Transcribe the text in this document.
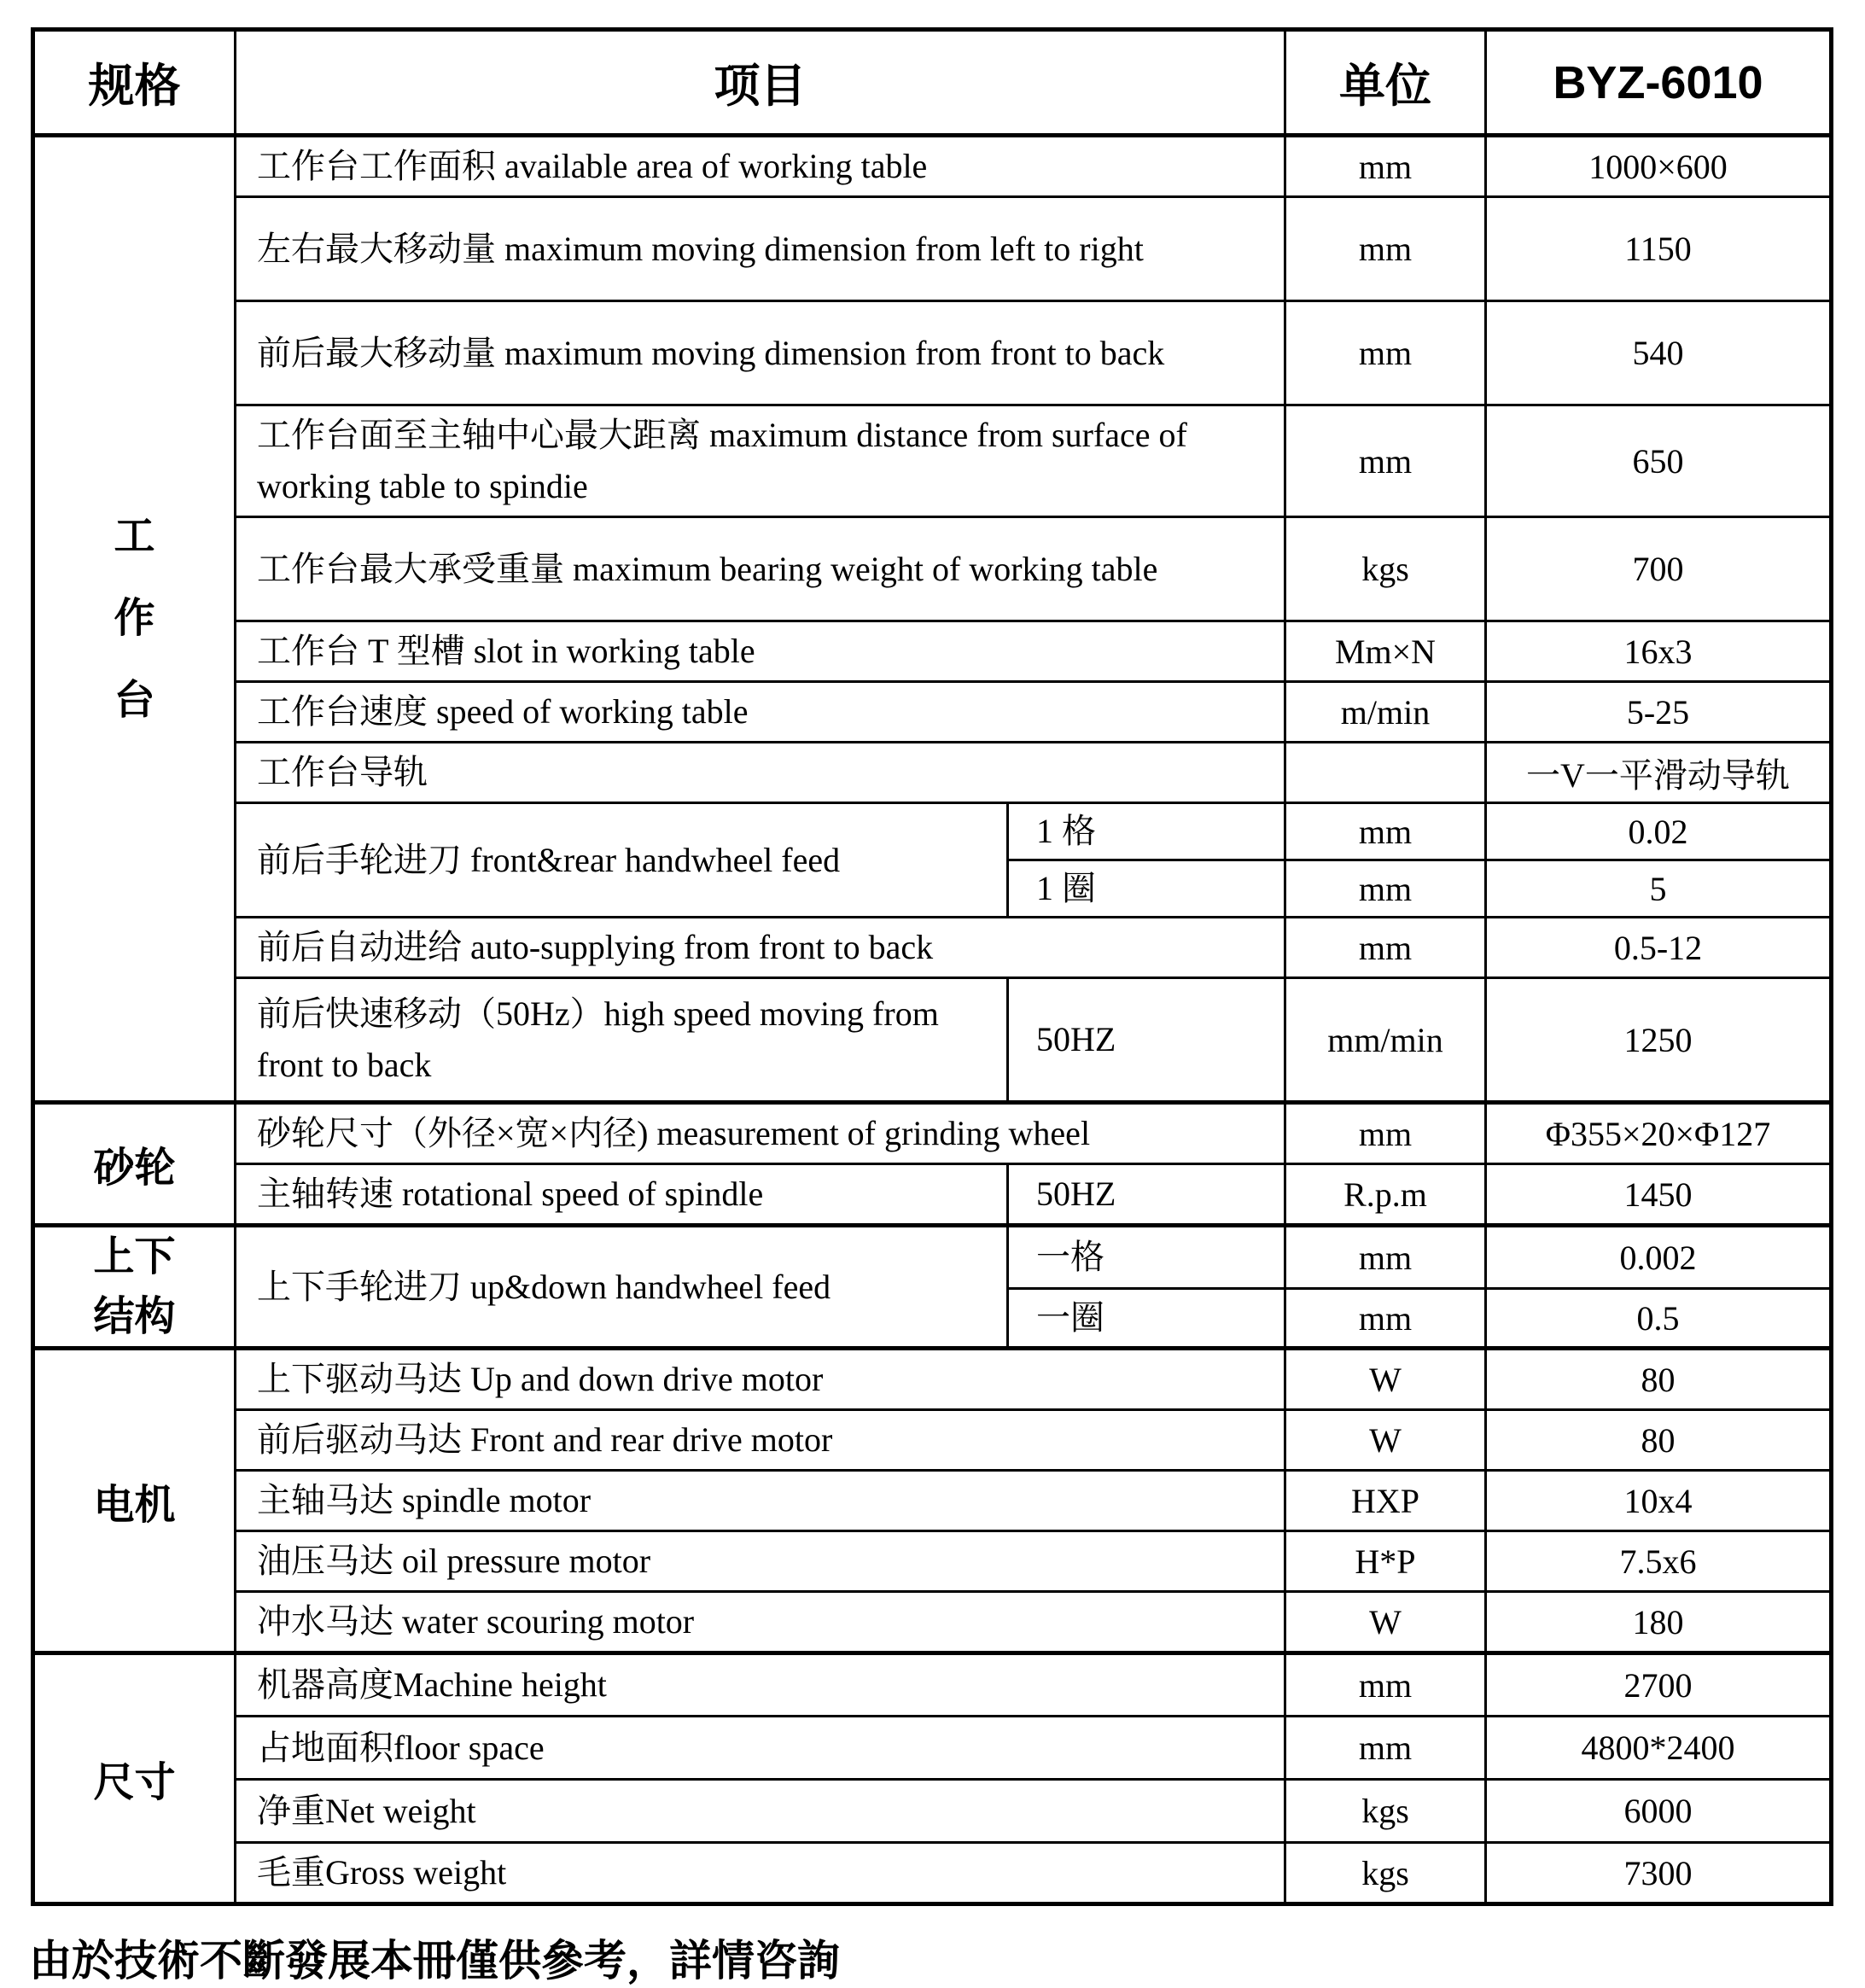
规格	项目		单位	BYZ-6010
工作台	工作台工作面积 available area of working table		mm	1000×600
	左右最大移动量 maximum moving dimension from left to right		mm	1150
	前后最大移动量 maximum moving dimension from front to back		mm	540
	工作台面至主轴中心最大距离 maximum distance from surface of working table to spindie		mm	650
	工作台最大承受重量 maximum bearing weight of working table		kgs	700
	工作台 T 型槽 slot in working table		Mm×N	16x3
	工作台速度 speed of working table		m/min	5-25
	工作台导轨			一V一平滑动导轨
	前后手轮进刀 front&rear handwheel feed	1 格	mm	0.02
		1 圈	mm	5
	前后自动进给 auto-supplying from front to back		mm	0.5-12
	前后快速移动（50Hz）high speed moving from front to back	50HZ	mm/min	1250
砂轮	砂轮尺寸（外径×宽×内径) measurement of grinding wheel		mm	Φ355×20×Φ127
	主轴转速 rotational speed of spindle	50HZ	R.p.m	1450
上下结构	上下手轮进刀 up&down handwheel feed	一格	mm	0.002
		一圈	mm	0.5
电机	上下驱动马达 Up and down drive motor		W	80
	前后驱动马达 Front and rear drive motor		W	80
	主轴马达 spindle motor		HXP	10x4
	油压马达 oil pressure motor		H*P	7.5x6
	冲水马达 water scouring motor		W	180
尺寸	机器高度Machine height		mm	2700
	占地面积floor space		mm	4800*2400
	净重Net weight		kgs	6000
	毛重Gross weight		kgs	7300
由於技術不斷發展本冊僅供參考，詳情咨詢
